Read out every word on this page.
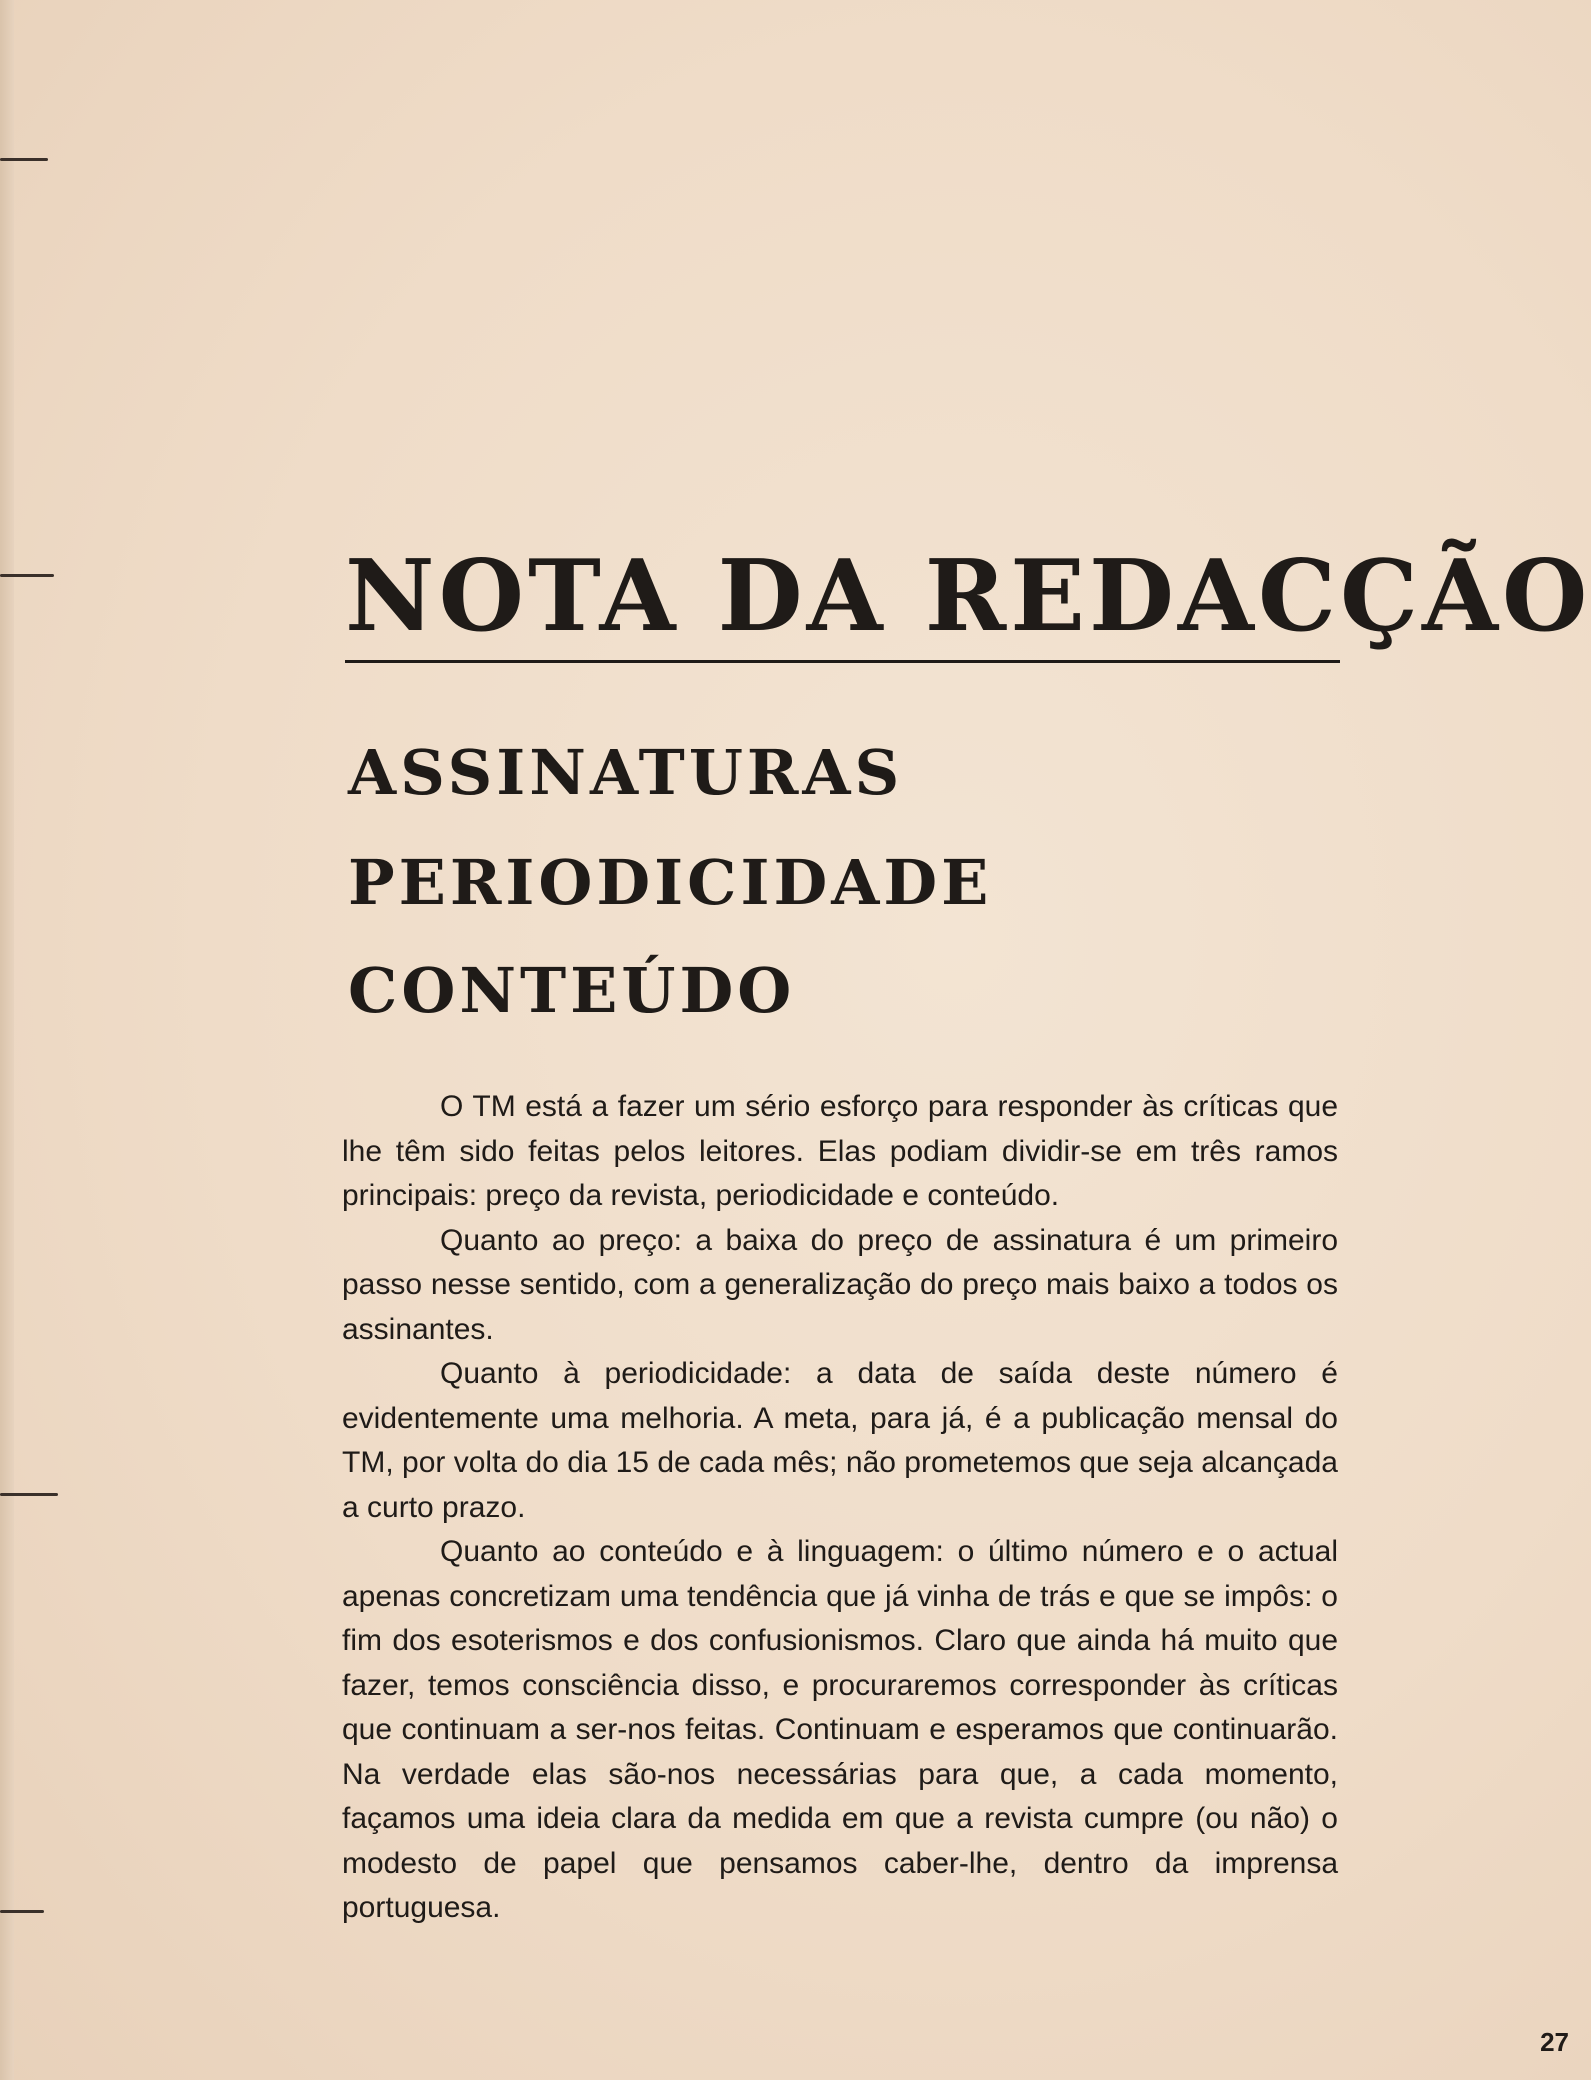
NOTA DA REDACÇÃO
ASSINATURAS
PERIODICIDADE
CONTEÚDO

O TM está a fazer um sério esforço para responder às críticas que lhe têm sido feitas pelos leitores. Elas podiam dividir-se em três ramos principais: preço da revista, periodicidade e conteúdo.

Quanto ao preço: a baixa do preço de assinatura é um primeiro passo nesse sentido, com a generalização do preço mais baixo a todos os assinantes.

Quanto à periodicidade: a data de saída deste número é evidentemente uma melhoria. A meta, para já, é a publicação mensal do TM, por volta do dia 15 de cada mês; não prometemos que seja alcançada a curto prazo.

Quanto ao conteúdo e à linguagem: o último número e o actual apenas concretizam uma tendência que já vinha de trás e que se impôs: o fim dos esoterismos e dos confusionismos. Claro que ainda há muito que fazer, temos consciência disso, e procuraremos corresponder às críticas que continuam a ser-nos feitas. Continuam e esperamos que continuarão. Na verdade elas são-nos necessárias para que, a cada momento, façamos uma ideia clara da medida em que a revista cumpre (ou não) o modesto de papel que pensamos caber-lhe, dentro da imprensa portuguesa.

27
